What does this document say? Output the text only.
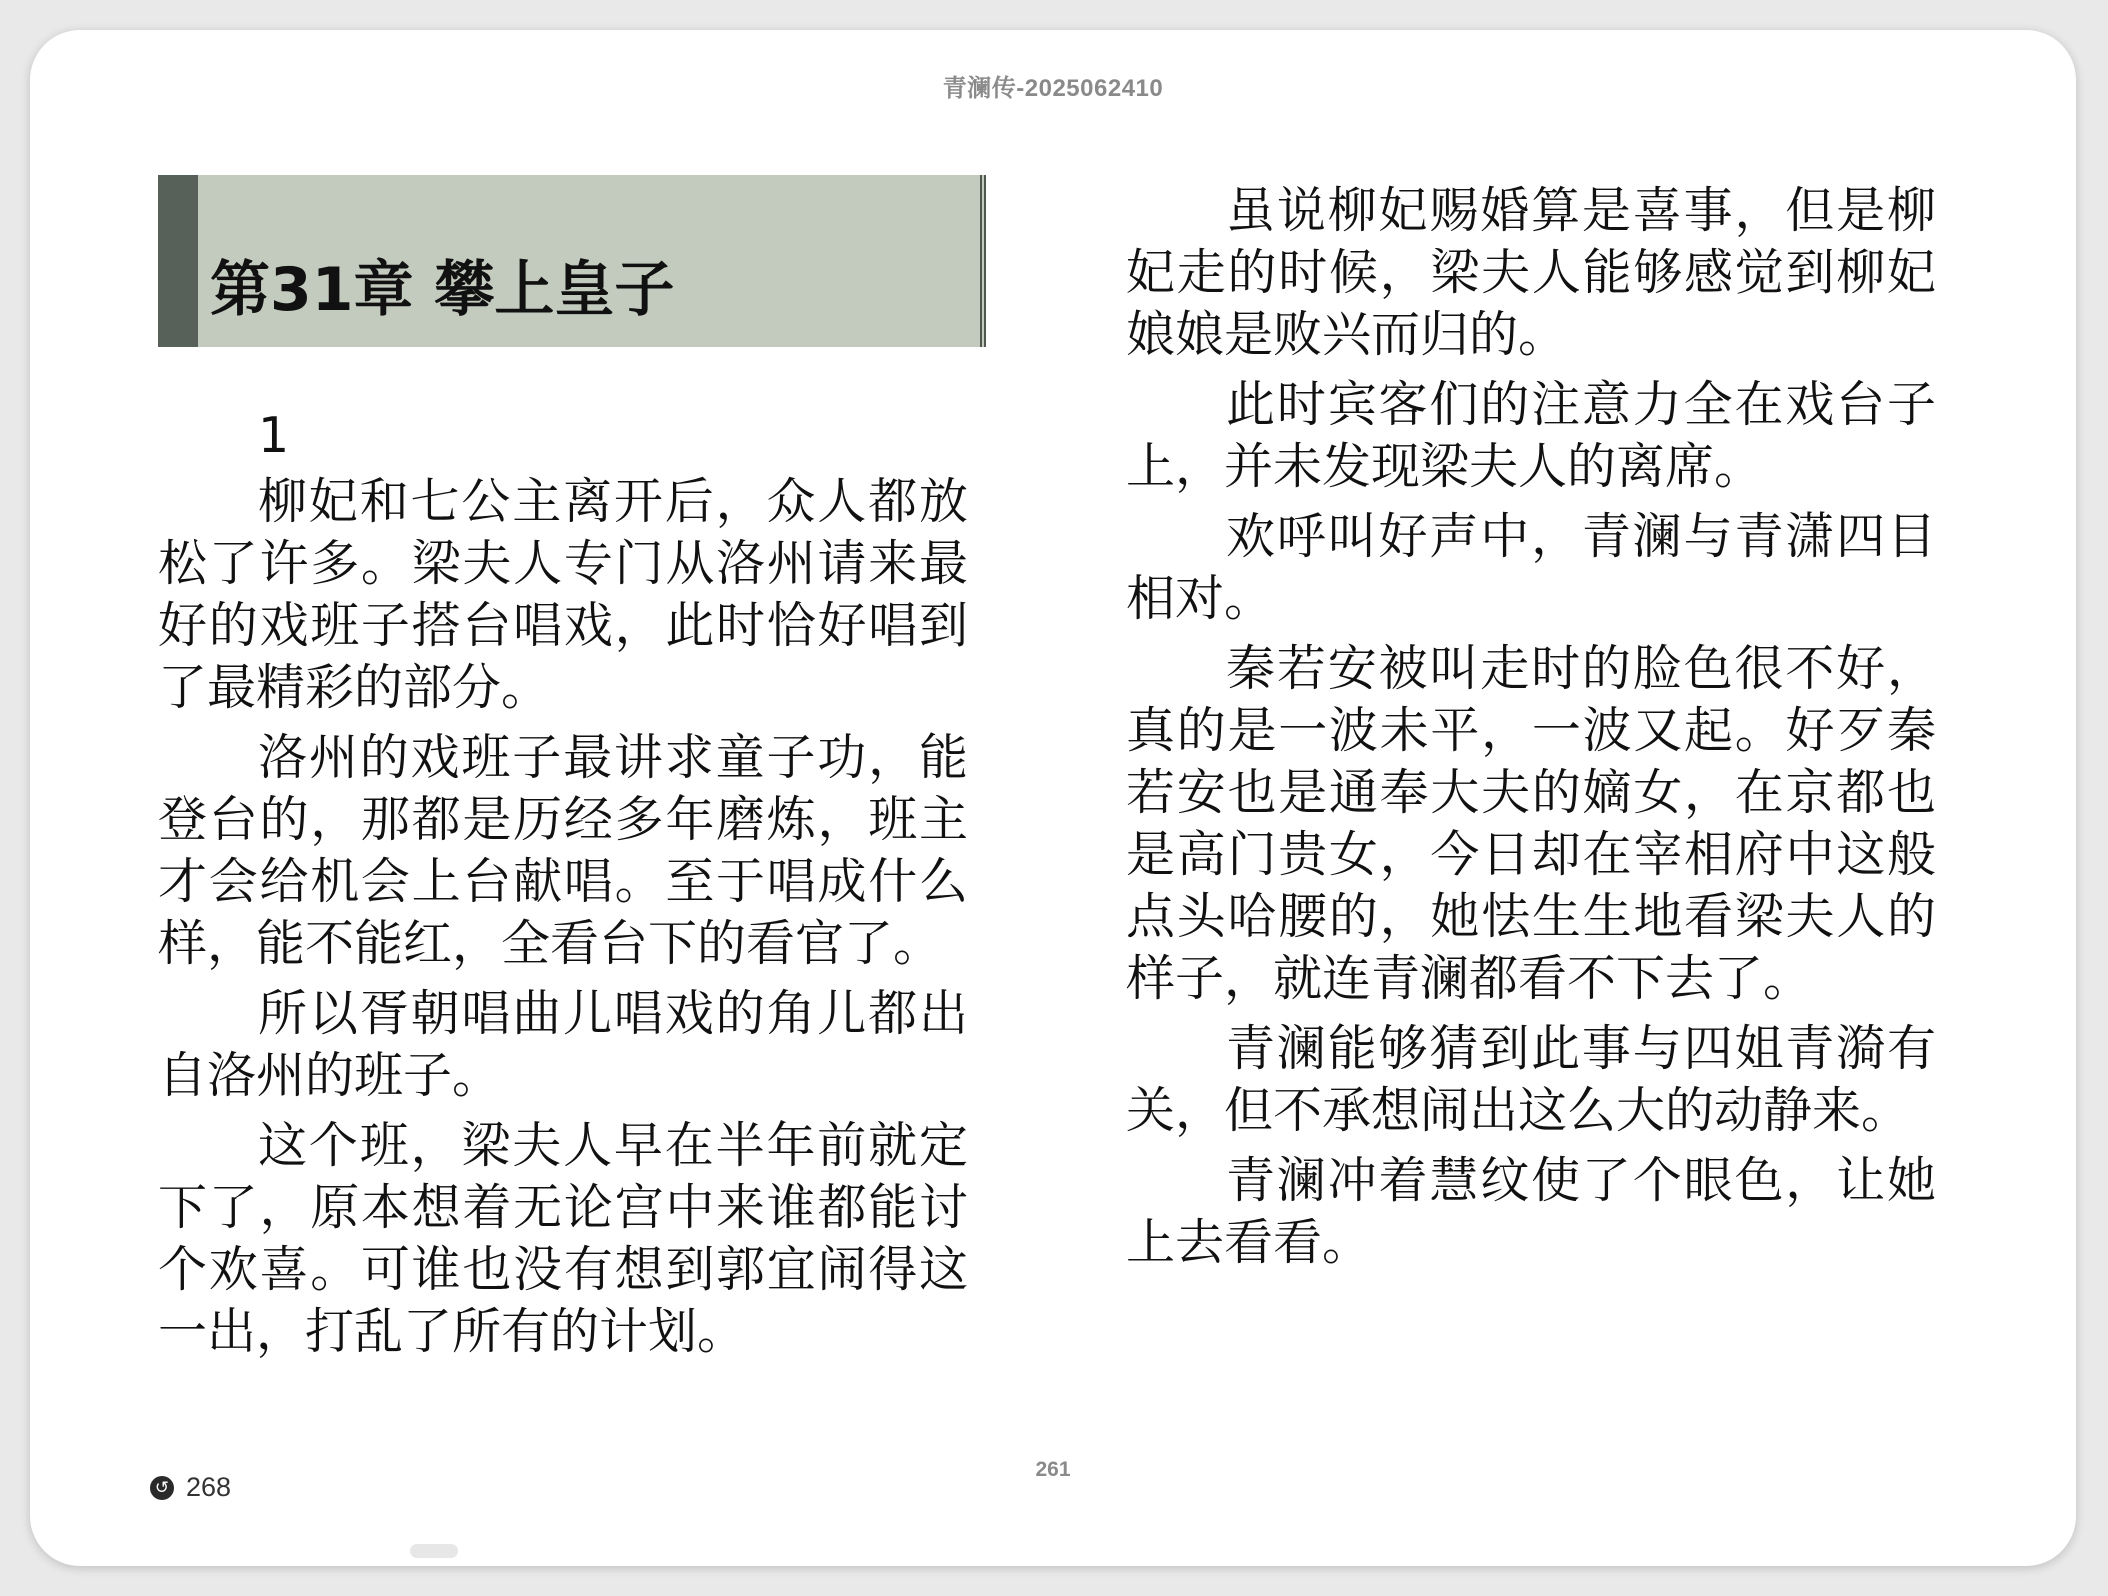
青澜传-2025062410
第31章 攀上皇子

1

柳妃和七公主离开后，众人都放松了许多。梁夫人专门从洛州请来最好的戏班子搭台唱戏，此时恰好唱到了最精彩的部分。

洛州的戏班子最讲求童子功，能登台的，那都是历经多年磨炼，班主才会给机会上台献唱。至于唱成什么样，能不能红，全看台下的看官了。

所以胥朝唱曲儿唱戏的角儿都出自洛州的班子。

这个班，梁夫人早在半年前就定下了，原本想着无论宫中来谁都能讨个欢喜。可谁也没有想到郭宜闹得这一出，打乱了所有的计划。

虽说柳妃赐婚算是喜事，但是柳妃走的时候，梁夫人能够感觉到柳妃娘娘是败兴而归的。

此时宾客们的注意力全在戏台子上，并未发现梁夫人的离席。

欢呼叫好声中，青澜与青潇四目相对。

秦若安被叫走时的脸色很不好，真的是一波未平，一波又起。好歹秦若安也是通奉大夫的嫡女，在京都也是高门贵女，今日却在宰相府中这般点头哈腰的，她怯生生地看梁夫人的样子，就连青澜都看不下去了。

青澜能够猜到此事与四姐青漪有关，但不承想闹出这么大的动静来。

青澜冲着慧纹使了个眼色，让她上去看看。

↺ 268
261
